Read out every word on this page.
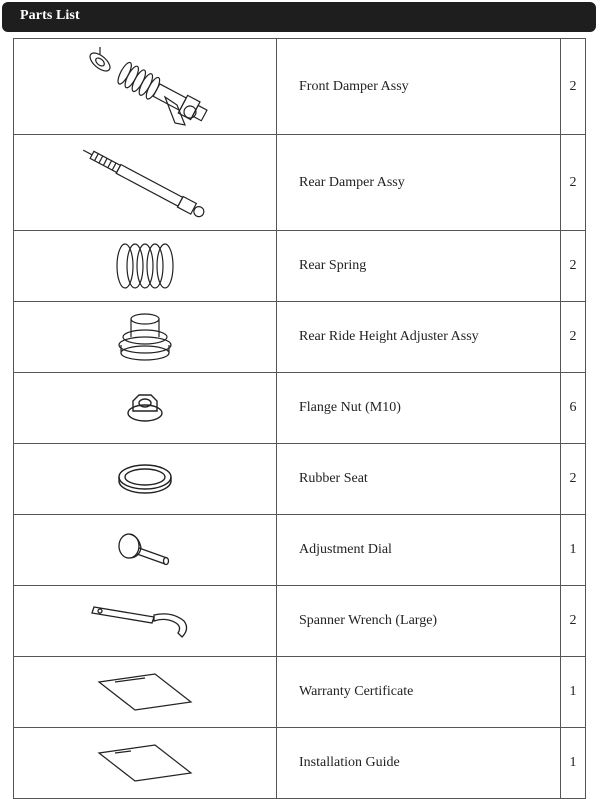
Parts List
	Front Damper Assy	2

	Rear Damper Assy	2

	Rear Spring	2

	Rear Ride Height Adjuster Assy	2

	Flange Nut (M10)	6

	Rubber Seat	2

	Adjustment Dial	1

	Spanner Wrench (Large)	2

	Warranty Certificate	1

	Installation Guide	1
